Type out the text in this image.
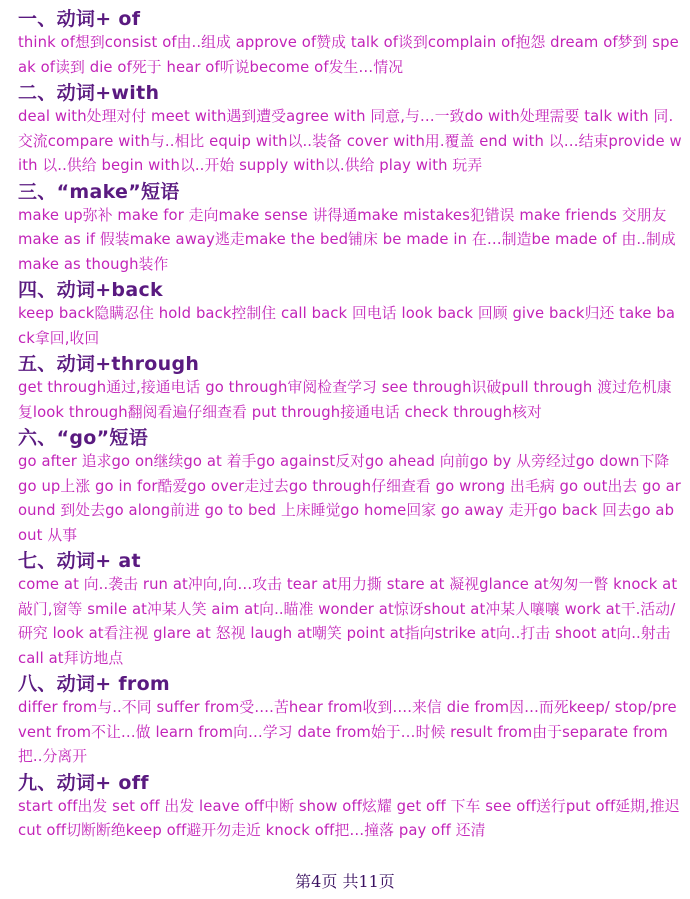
一、动词+ of

think of想到consist of由..组成 approve of赞成 talk of谈到complain of抱怨 dream of梦到 speak of读到 die of死于 hear of听说become of发生…情况

二、动词+with

deal with处理对付 meet with遇到遭受agree with 同意,与…一致do with处理需要 talk with 同.交流compare with与..相比 equip with以..装备 cover with用.覆盖 end with 以…结束provide with 以..供给 begin with以..开始 supply with以.供给 play with 玩弄

三、“make”短语

make up弥补 make for 走向make sense 讲得通make mistakes犯错误 make friends 交朋友 make as if 假装make away逃走make the bed铺床 be made in 在…制造be made of 由..制成make as though装作

四、动词+back

keep back隐瞒忍住 hold back控制住 call back 回电话 look back 回顾 give back归还 take back拿回,收回

五、动词+through

get through通过,接通电话 go through审阅检查学习 see through识破pull through 渡过危机康复look through翻阅看遍仔细查看 put through接通电话 check through核对

六、“go”短语

go after 追求go on继续go at 着手go against反对go ahead 向前go by 从旁经过go down下降 go up上涨 go in for酷爱go over走过去go through仔细查看 go wrong 出毛病 go out出去 go around 到处去go along前进 go to bed 上床睡觉go home回家 go away 走开go back 回去go about 从事

七、动词+ at

come at 向..袭击 run at冲向,向…攻击 tear at用力撕 stare at 凝视glance at匆匆一瞥 knock at敲门,窗等 smile at冲某人笑 aim at向..瞄准 wonder at惊讶shout at冲某人嚷嚷 work at干.活动/研究 look at看注视 glare at 怒视 laugh at嘲笑 point at指向strike at向..打击 shoot at向..射击 call at拜访地点

八、动词+ from

differ from与..不同 suffer from受….苦hear from收到….来信 die from因…而死keep/ stop/prevent from不让…做 learn from向…学习 date from始于…时候 result from由于separate from把..分离开

九、动词+ off

start off出发 set off 出发 leave off中断 show off炫耀 get off 下车 see off送行put off延期,推迟 cut off切断断绝keep off避开勿走近 knock off把…撞落 pay off 还清

第4页 共11页
